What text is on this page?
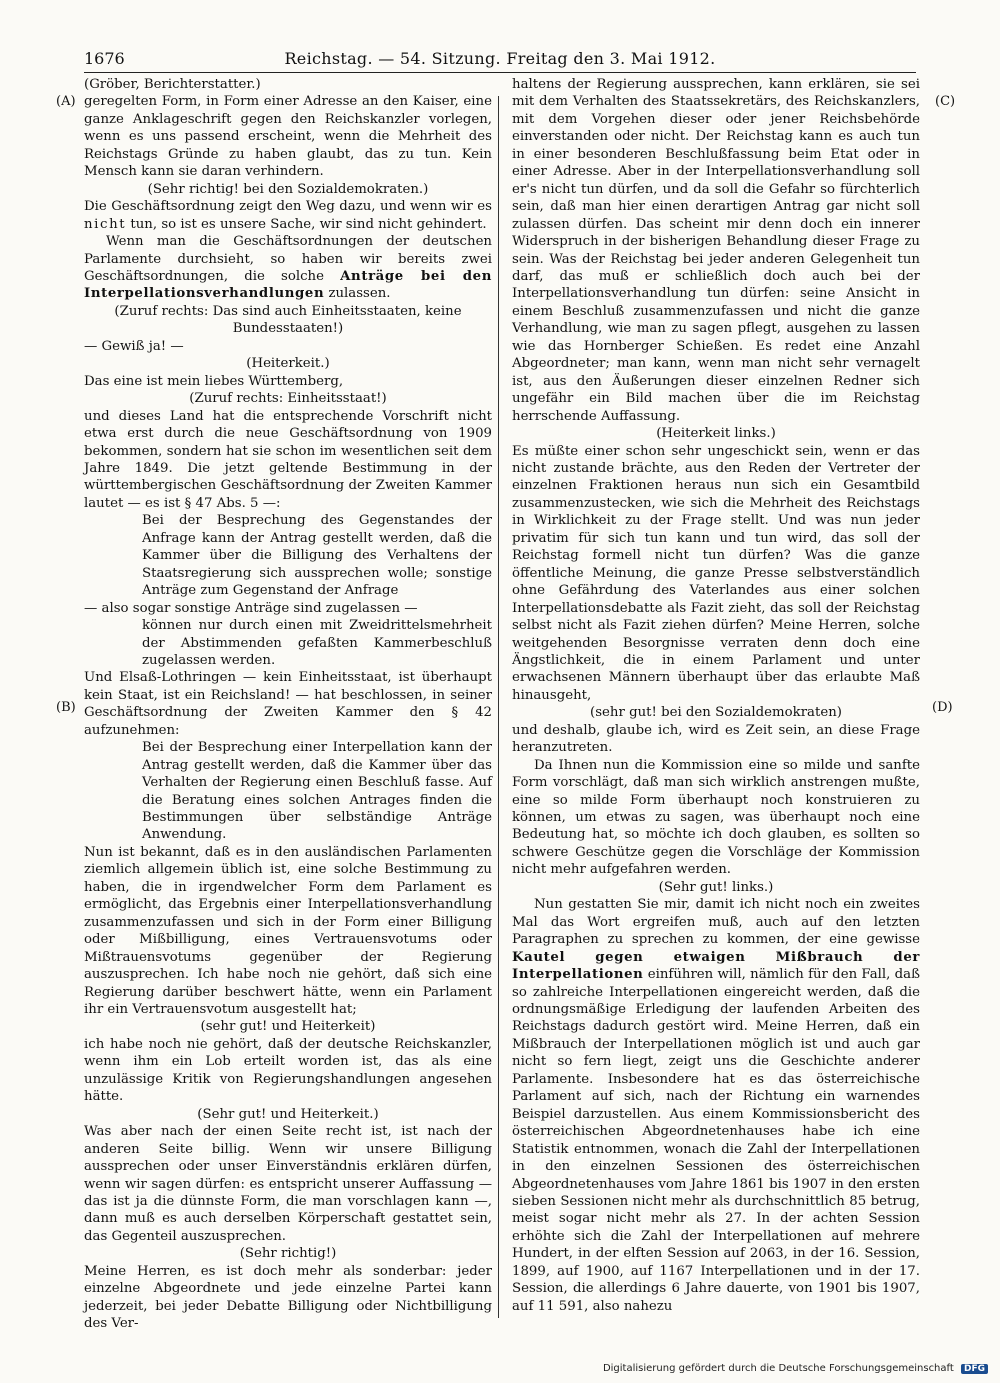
1676	Reichstag. — 54. Sitzung. Freitag den 3. Mai 1912.
(A)
(B)
(C)
(D)

(Gröber, Berichterstatter.)

geregelten Form, in Form einer Adresse an den Kaiser, eine ganze Anklageschrift gegen den Reichskanzler vorlegen, wenn es uns passend erscheint, wenn die Mehrheit des Reichstags Gründe zu haben glaubt, das zu tun. Kein Mensch kann sie daran verhindern.

(Sehr richtig! bei den Sozialdemokraten.)

Die Geschäftsordnung zeigt den Weg dazu, und wenn wir es nicht tun, so ist es unsere Sache, wir sind nicht gehindert.

Wenn man die Geschäftsordnungen der deutschen Parlamente durchsieht, so haben wir bereits zwei Geschäftsordnungen, die solche Anträge bei den Interpellationsverhandlungen zulassen.

(Zuruf rechts: Das sind auch Einheitsstaaten, keine Bundesstaaten!)

— Gewiß ja! —

(Heiterkeit.)

Das eine ist mein liebes Württemberg,

(Zuruf rechts: Einheitsstaat!)

und dieses Land hat die entsprechende Vorschrift nicht etwa erst durch die neue Geschäftsordnung von 1909 bekommen, sondern hat sie schon im wesentlichen seit dem Jahre 1849. Die jetzt geltende Bestimmung in der württembergischen Geschäftsordnung der Zweiten Kammer lautet — es ist § 47 Abs. 5 —:

Bei der Besprechung des Gegenstandes der Anfrage kann der Antrag gestellt werden, daß die Kammer über die Billigung des Verhaltens der Staatsregierung sich aussprechen wolle; sonstige Anträge zum Gegenstand der Anfrage

— also sogar sonstige Anträge sind zugelassen —

können nur durch einen mit Zweidrittelsmehrheit der Abstimmenden gefaßten Kammerbeschluß zugelassen werden.

Und Elsaß-Lothringen — kein Einheitsstaat, ist überhaupt kein Staat, ist ein Reichsland! — hat beschlossen, in seiner Geschäftsordnung der Zweiten Kammer den § 42 aufzunehmen:

Bei der Besprechung einer Interpellation kann der Antrag gestellt werden, daß die Kammer über das Verhalten der Regierung einen Beschluß fasse. Auf die Beratung eines solchen Antrages finden die Bestimmungen über selbständige Anträge Anwendung.

Nun ist bekannt, daß es in den ausländischen Parlamenten ziemlich allgemein üblich ist, eine solche Bestimmung zu haben, die in irgendwelcher Form dem Parlament es ermöglicht, das Ergebnis einer Interpellationsverhandlung zusammenzufassen und sich in der Form einer Billigung oder Mißbilligung, eines Vertrauensvotums oder Mißtrauensvotums gegenüber der Regierung auszusprechen. Ich habe noch nie gehört, daß sich eine Regierung darüber beschwert hätte, wenn ein Parlament ihr ein Vertrauensvotum ausgestellt hat;

(sehr gut! und Heiterkeit)

ich habe noch nie gehört, daß der deutsche Reichskanzler, wenn ihm ein Lob erteilt worden ist, das als eine unzulässige Kritik von Regierungshandlungen angesehen hätte.

(Sehr gut! und Heiterkeit.)

Was aber nach der einen Seite recht ist, ist nach der anderen Seite billig. Wenn wir unsere Billigung aussprechen oder unser Einverständnis erklären dürfen, wenn wir sagen dürfen: es entspricht unserer Auffassung — das ist ja die dünnste Form, die man vorschlagen kann —, dann muß es auch derselben Körperschaft gestattet sein, das Gegenteil auszusprechen.

(Sehr richtig!)

Meine Herren, es ist doch mehr als sonderbar: jeder einzelne Abgeordnete und jede einzelne Partei kann jederzeit, bei jeder Debatte Billigung oder Nichtbilligung des Ver-

haltens der Regierung aussprechen, kann erklären, sie sei mit dem Verhalten des Staatssekretärs, des Reichskanzlers, mit dem Vorgehen dieser oder jener Reichsbehörde einverstanden oder nicht. Der Reichstag kann es auch tun in einer besonderen Beschlußfassung beim Etat oder in einer Adresse. Aber in der Interpellationsverhandlung soll er's nicht tun dürfen, und da soll die Gefahr so fürchterlich sein, daß man hier einen derartigen Antrag gar nicht soll zulassen dürfen. Das scheint mir denn doch ein innerer Widerspruch in der bisherigen Behandlung dieser Frage zu sein. Was der Reichstag bei jeder anderen Gelegenheit tun darf, das muß er schließlich doch auch bei der Interpellationsverhandlung tun dürfen: seine Ansicht in einem Beschluß zusammenzufassen und nicht die ganze Verhandlung, wie man zu sagen pflegt, ausgehen zu lassen wie das Hornberger Schießen. Es redet eine Anzahl Abgeordneter; man kann, wenn man nicht sehr vernagelt ist, aus den Äußerungen dieser einzelnen Redner sich ungefähr ein Bild machen über die im Reichstag herrschende Auffassung.

(Heiterkeit links.)

Es müßte einer schon sehr ungeschickt sein, wenn er das nicht zustande brächte, aus den Reden der Vertreter der einzelnen Fraktionen heraus nun sich ein Gesamtbild zusammenzustecken, wie sich die Mehrheit des Reichstags in Wirklichkeit zu der Frage stellt. Und was nun jeder privatim für sich tun kann und tun wird, das soll der Reichstag formell nicht tun dürfen? Was die ganze öffentliche Meinung, die ganze Presse selbstverständlich ohne Gefährdung des Vaterlandes aus einer solchen Interpellationsdebatte als Fazit zieht, das soll der Reichstag selbst nicht als Fazit ziehen dürfen? Meine Herren, solche weitgehenden Besorgnisse verraten denn doch eine Ängstlichkeit, die in einem Parlament und unter erwachsenen Männern überhaupt über das erlaubte Maß hinausgeht,

(sehr gut! bei den Sozialdemokraten)

und deshalb, glaube ich, wird es Zeit sein, an diese Frage heranzutreten.

Da Ihnen nun die Kommission eine so milde und sanfte Form vorschlägt, daß man sich wirklich anstrengen mußte, eine so milde Form überhaupt noch konstruieren zu können, um etwas zu sagen, was überhaupt noch eine Bedeutung hat, so möchte ich doch glauben, es sollten so schwere Geschütze gegen die Vorschläge der Kommission nicht mehr aufgefahren werden.

(Sehr gut! links.)

Nun gestatten Sie mir, damit ich nicht noch ein zweites Mal das Wort ergreifen muß, auch auf den letzten Paragraphen zu sprechen zu kommen, der eine gewisse Kautel gegen etwaigen Mißbrauch der Interpellationen einführen will, nämlich für den Fall, daß so zahlreiche Interpellationen eingereicht werden, daß die ordnungsmäßige Erledigung der laufenden Arbeiten des Reichstags dadurch gestört wird. Meine Herren, daß ein Mißbrauch der Interpellationen möglich ist und auch gar nicht so fern liegt, zeigt uns die Geschichte anderer Parlamente. Insbesondere hat es das österreichische Parlament auf sich, nach der Richtung ein warnendes Beispiel darzustellen. Aus einem Kommissionsbericht des österreichischen Abgeordnetenhauses habe ich eine Statistik entnommen, wonach die Zahl der Interpellationen in den einzelnen Sessionen des österreichischen Abgeordnetenhauses vom Jahre 1861 bis 1907 in den ersten sieben Sessionen nicht mehr als durchschnittlich 85 betrug, meist sogar nicht mehr als 27. In der achten Session erhöhte sich die Zahl der Interpellationen auf mehrere Hundert, in der elften Session auf 2063, in der 16. Session, 1899, auf 1900, auf 1167 Interpellationen und in der 17. Session, die allerdings 6 Jahre dauerte, von 1901 bis 1907, auf 11 591, also nahezu

Digitalisierung gefördert durch die Deutsche Forschungsgemeinschaft DFG
